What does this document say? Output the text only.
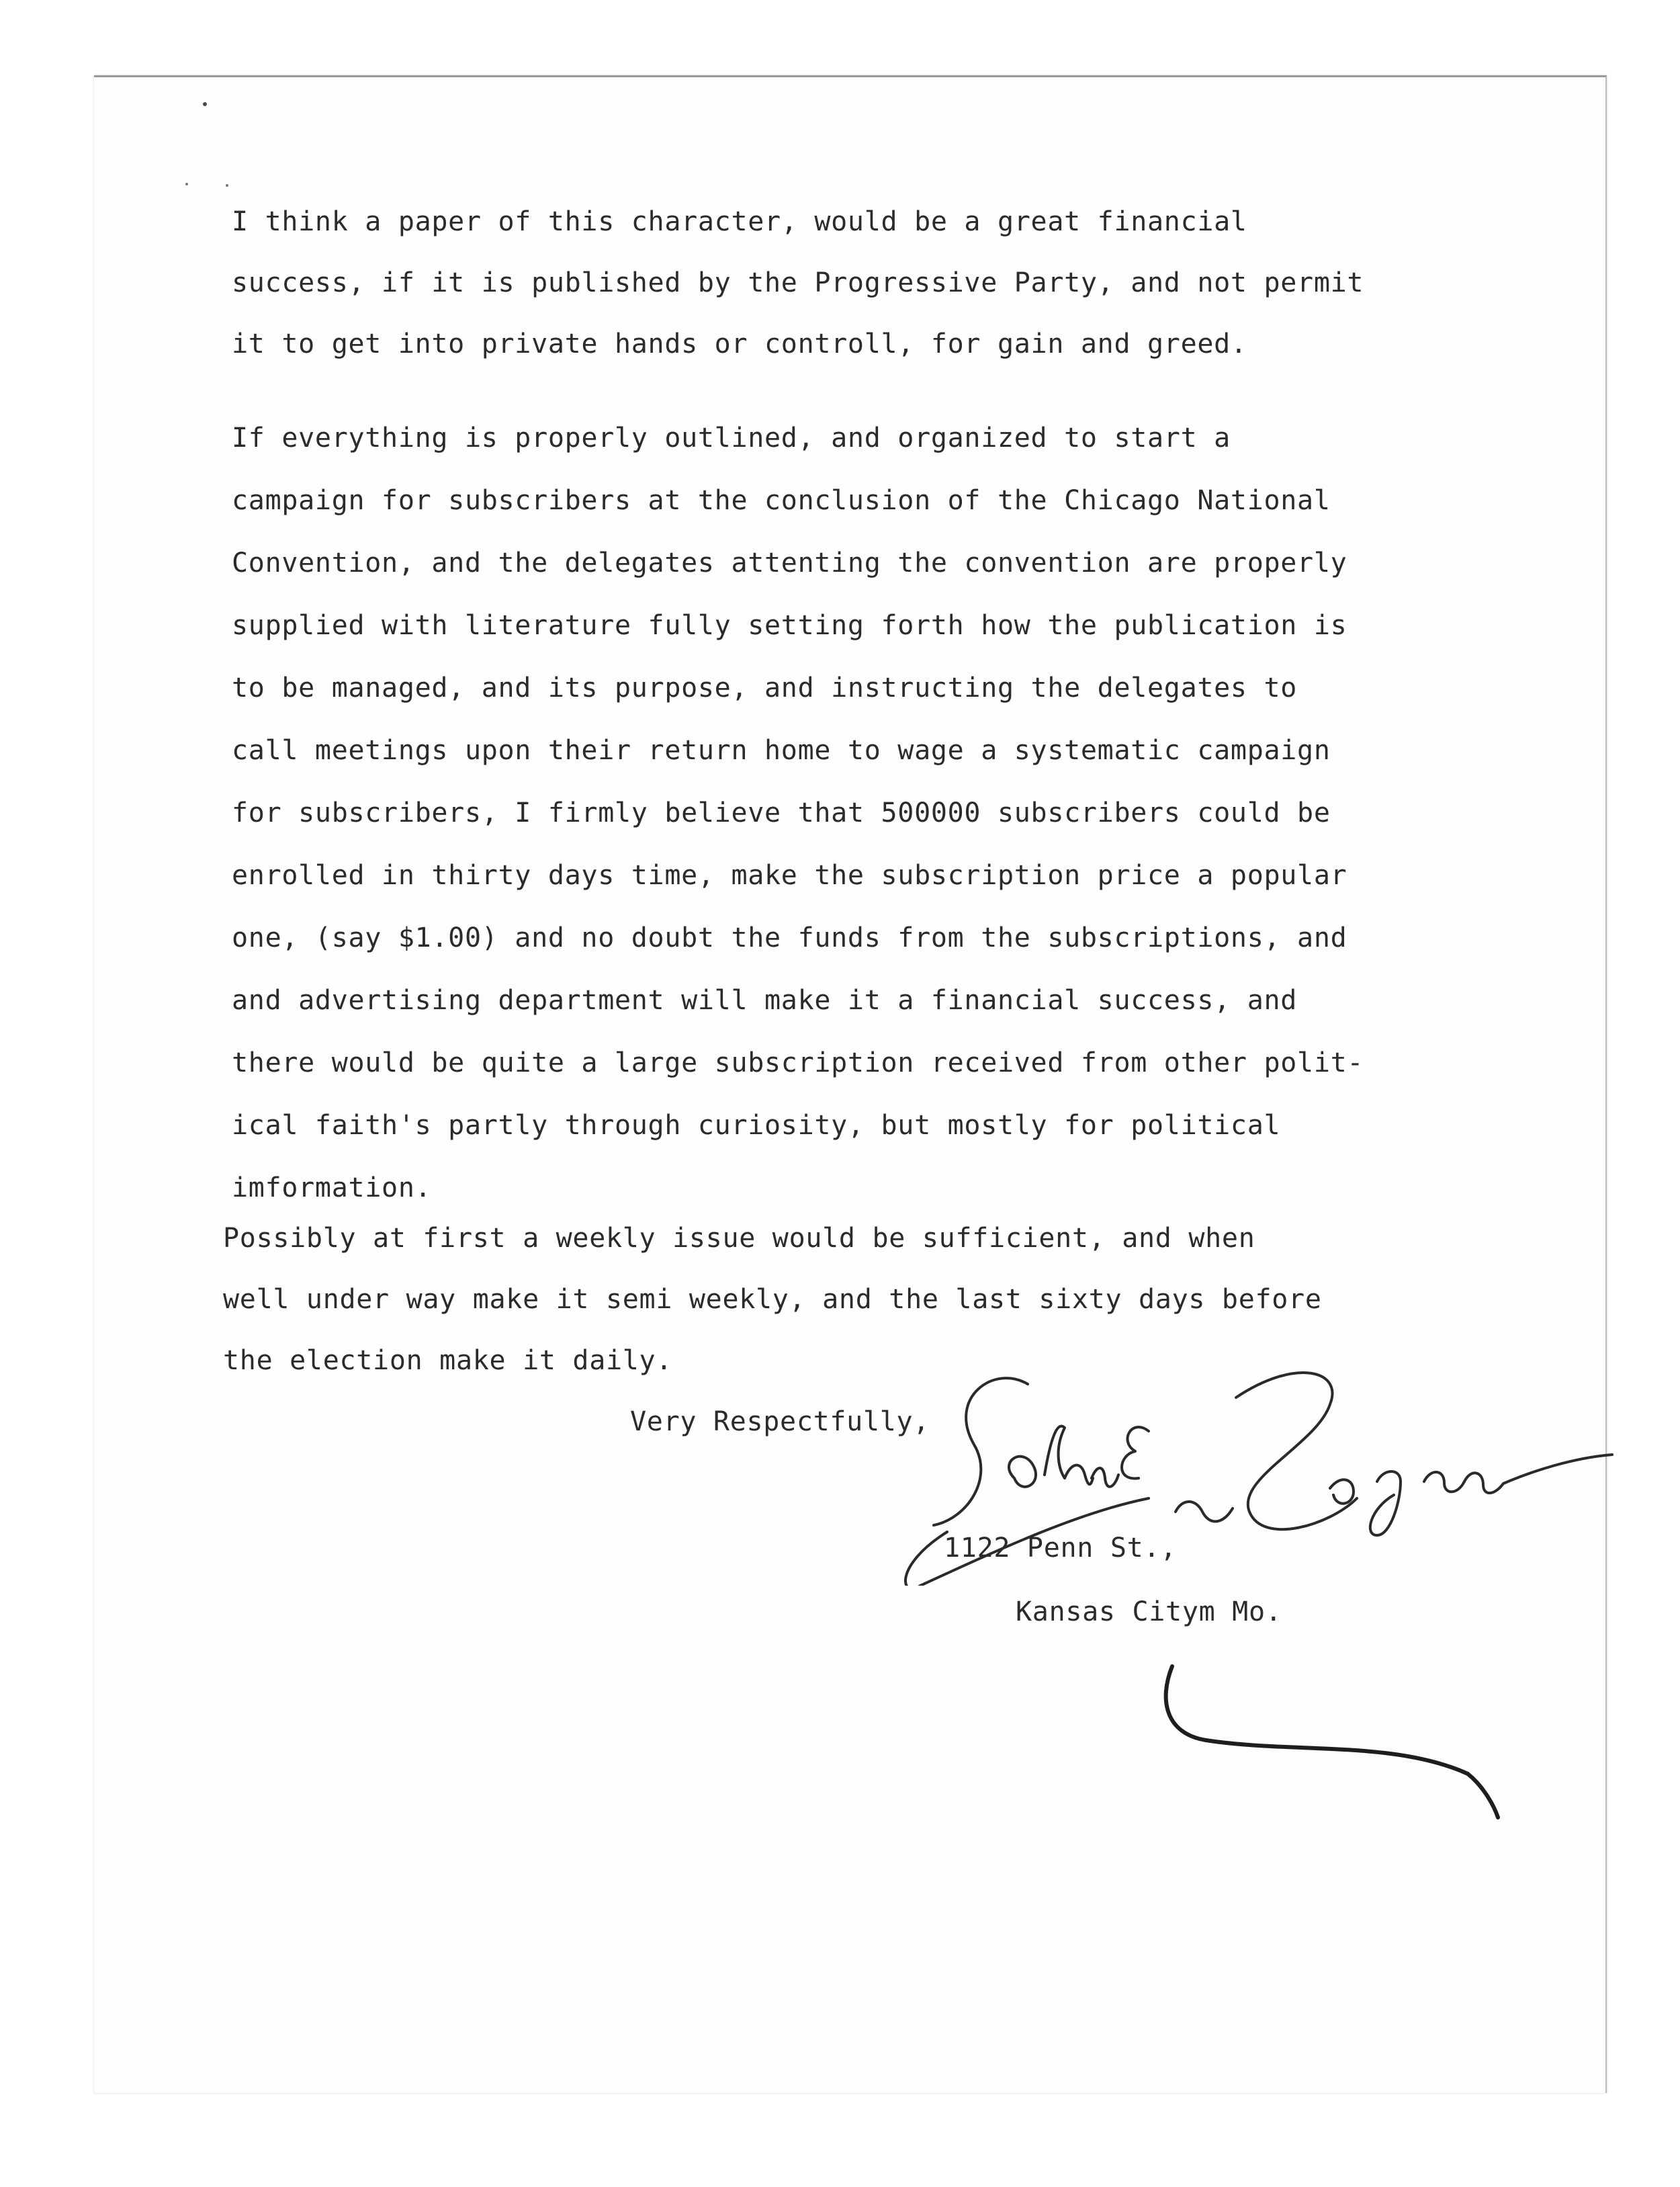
I think a paper of this character, would be a great financial
success, if it is published by the Progressive Party, and not permit
it to get into private hands or controll, for gain and greed.

If everything is properly outlined, and organized to start a
campaign for subscribers at the conclusion of the Chicago National
Convention, and the delegates attenting the convention are properly
supplied with literature fully setting forth how the publication is
to be managed, and its purpose, and instructing the delegates to
call meetings upon their return home to wage a systematic campaign
for subscribers, I firmly believe that 500000 subscribers could be
enrolled in thirty days time, make the subscription price a popular
one, (say $1.00) and no doubt the funds from the subscriptions, and
and advertising department will make it a financial success, and
there would be quite a large subscription received from other polit-
ical faith's partly through curiosity, but mostly for political
imformation.

Possibly at first a weekly issue would be sufficient, and when
well under way make it semi weekly, and the last sixty days before
the election make it daily.

Very Respectfully,

1122 Penn St.,

Kansas Citym Mo.
